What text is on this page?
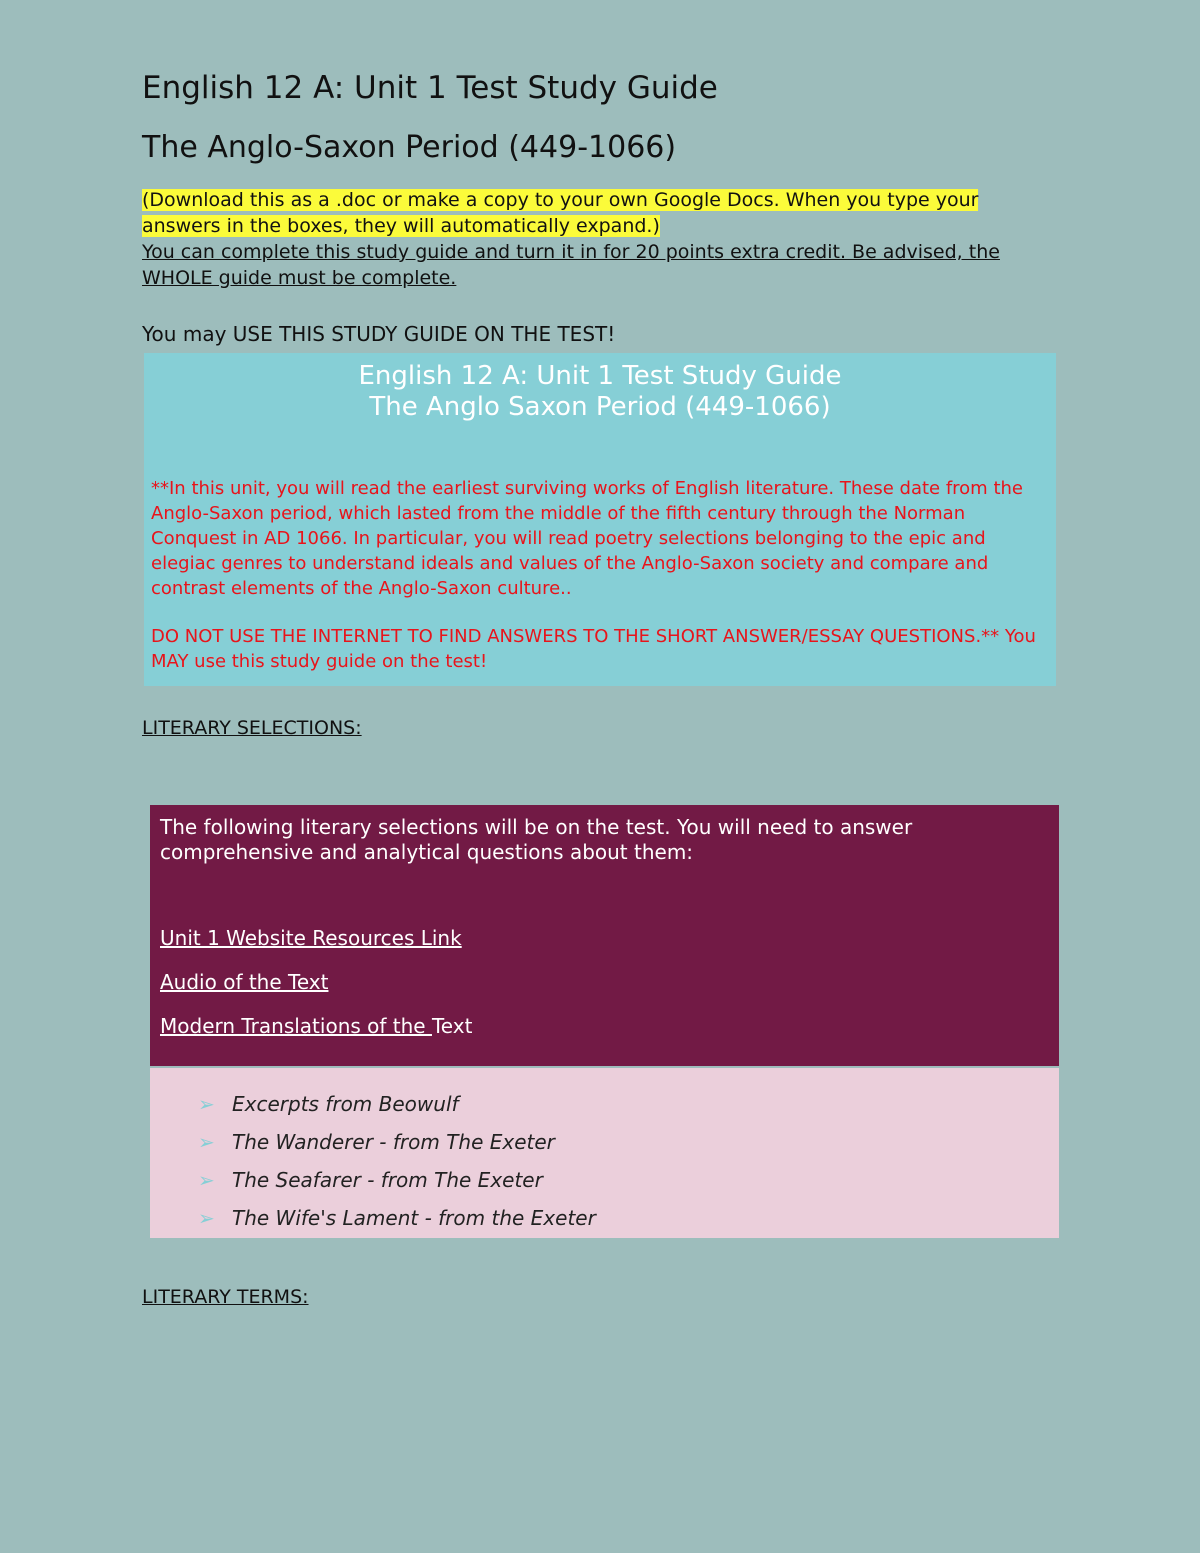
English 12 A: Unit 1 Test Study Guide
The Anglo-Saxon Period (449-1066)
(Download this as a .doc or make a copy to your own Google Docs. When you type your answers in the boxes, they will automatically expand.)
You can complete this study guide and turn it in for 20 points extra credit. Be advised, the WHOLE guide must be complete.
You may USE THIS STUDY GUIDE ON THE TEST!
English 12 A: Unit 1 Test Study Guide
The Anglo Saxon Period (449-1066)

**In this unit, you will read the earliest surviving works of English literature. These date from the Anglo-Saxon period, which lasted from the middle of the fifth century through the Norman Conquest in AD 1066. In particular, you will read poetry selections belonging to the epic and elegiac genres to understand ideals and values of the Anglo-Saxon society and compare and contrast elements of the Anglo-Saxon culture..

DO NOT USE THE INTERNET TO FIND ANSWERS TO THE SHORT ANSWER/ESSAY QUESTIONS.** You MAY use this study guide on the test!

LITERARY SELECTIONS:
The following literary selections will be on the test. You will need to answer comprehensive and analytical questions about them:
Unit 1 Website Resources Link
Audio of the Text
Modern Translations of the Text
➢ Excerpts from Beowulf
➢ The Wanderer - from The Exeter
➢ The Seafarer - from The Exeter
➢ The Wife's Lament - from the Exeter
LITERARY TERMS:
